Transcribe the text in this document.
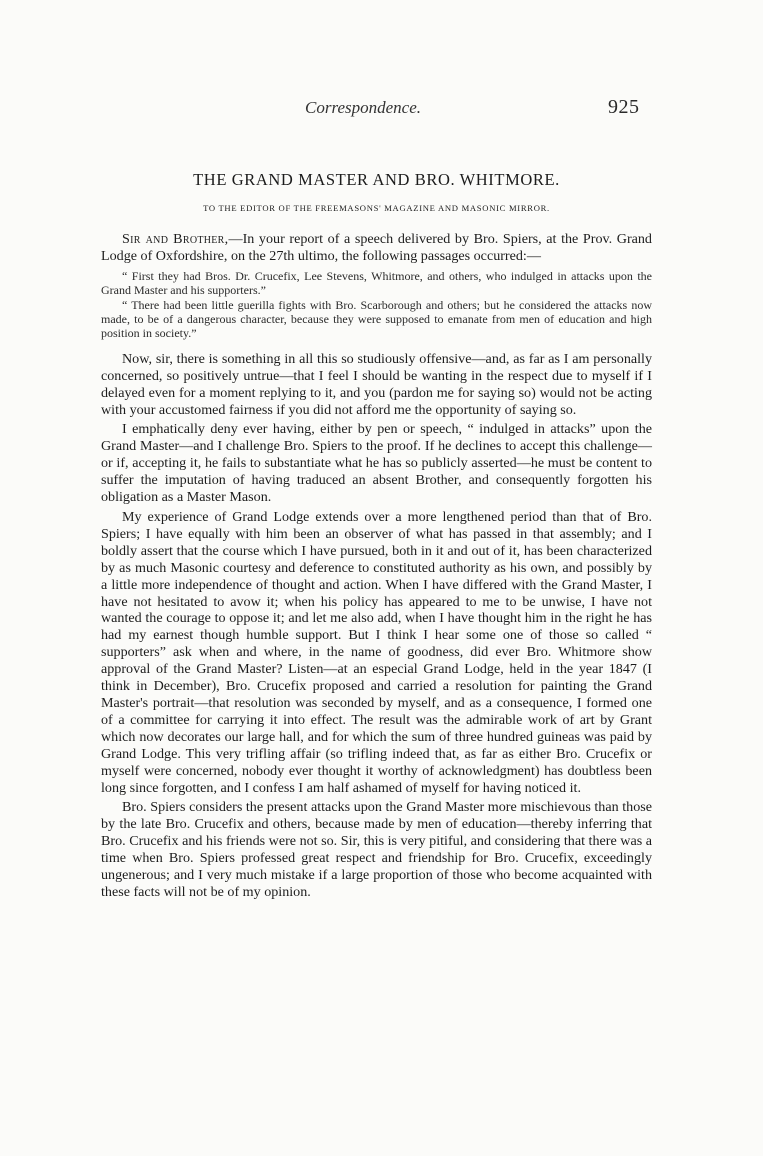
Correspondence.	925
THE GRAND MASTER AND BRO. WHITMORE.
TO THE EDITOR OF THE FREEMASONS' MAGAZINE AND MASONIC MIRROR.

Sir and Brother,—In your report of a speech delivered by Bro. Spiers, at the Prov. Grand Lodge of Oxfordshire, on the 27th ultimo, the following passages occurred:—

“ First they had Bros. Dr. Crucefix, Lee Stevens, Whitmore, and others, who indulged in attacks upon the Grand Master and his supporters.”

“ There had been little guerilla fights with Bro. Scarborough and others; but he considered the attacks now made, to be of a dangerous character, because they were supposed to emanate from men of education and high position in society.”

Now, sir, there is something in all this so studiously offensive—and, as far as I am personally concerned, so positively untrue—that I feel I should be wanting in the respect due to myself if I delayed even for a moment replying to it, and you (pardon me for saying so) would not be acting with your accustomed fairness if you did not afford me the opportunity of saying so.

I emphatically deny ever having, either by pen or speech, “ indulged in attacks” upon the Grand Master—and I challenge Bro. Spiers to the proof. If he declines to accept this challenge—or if, accepting it, he fails to substantiate what he has so publicly asserted—he must be content to suffer the imputation of having traduced an absent Brother, and consequently forgotten his obligation as a Master Mason.

My experience of Grand Lodge extends over a more lengthened period than that of Bro. Spiers; I have equally with him been an observer of what has passed in that assembly; and I boldly assert that the course which I have pursued, both in it and out of it, has been characterized by as much Masonic courtesy and deference to constituted authority as his own, and possibly by a little more independence of thought and action. When I have differed with the Grand Master, I have not hesitated to avow it; when his policy has appeared to me to be unwise, I have not wanted the courage to oppose it; and let me also add, when I have thought him in the right he has had my earnest though humble support. But I think I hear some one of those so called “ supporters” ask when and where, in the name of goodness, did ever Bro. Whitmore show approval of the Grand Master? Listen—at an especial Grand Lodge, held in the year 1847 (I think in December), Bro. Crucefix proposed and carried a resolution for painting the Grand Master's portrait—that resolution was seconded by myself, and as a consequence, I formed one of a committee for carrying it into effect. The result was the admirable work of art by Grant which now decorates our large hall, and for which the sum of three hundred guineas was paid by Grand Lodge. This very trifling affair (so trifling indeed that, as far as either Bro. Crucefix or myself were concerned, nobody ever thought it worthy of acknowledgment) has doubtless been long since forgotten, and I confess I am half ashamed of myself for having noticed it.

Bro. Spiers considers the present attacks upon the Grand Master more mischievous than those by the late Bro. Crucefix and others, because made by men of education—thereby inferring that Bro. Crucefix and his friends were not so. Sir, this is very pitiful, and considering that there was a time when Bro. Spiers professed great respect and friendship for Bro. Crucefix, exceedingly ungenerous; and I very much mistake if a large proportion of those who become acquainted with these facts will not be of my opinion.
